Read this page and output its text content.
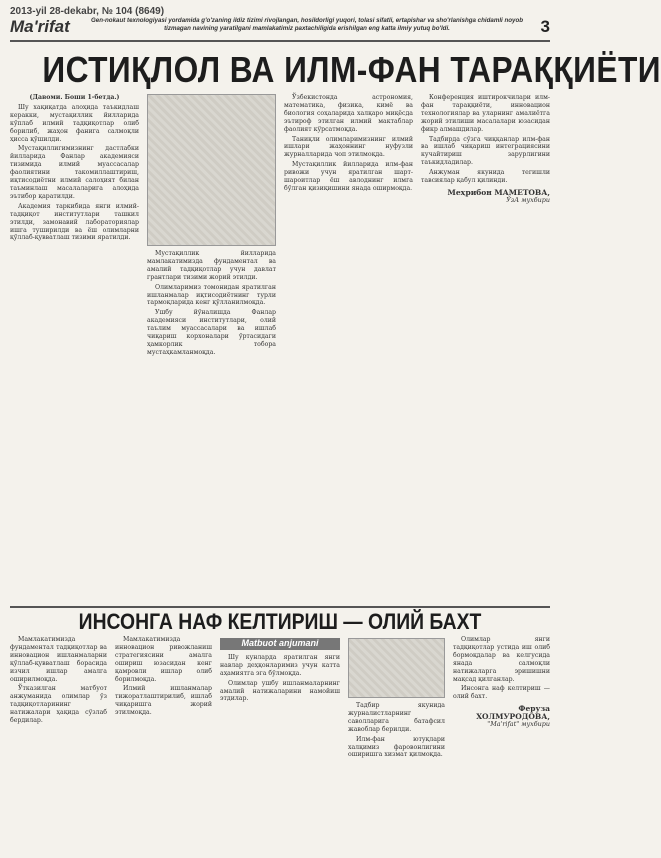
2013-yil 28-dekabr, № 104 (8649)
Ma'rifat	Gen-nokaut texnologiyasi yordamida g'o'zaning ildiz tizimi rivojlangan, hosildorligi yuqori, tolasi sifatli, ertapishar va sho'rlanishga chidamli noyob tizmagan navining yaratilgani mamlakatimiz paxtachiligida erishilgan eng katta ilmiy yutuq bo'ldi.	3
ИСТИҚЛОЛ ВА ИЛМ-ФАН ТАРАҚҚИЁТИ

(Давоми. Боши 1-бетда.)

Шу хақиқатда алоҳида таъкидлаш керакки, мустақиллик йилларида кўплаб илмий тадқиқотлар олиб борилиб, жаҳон фанига салмоқли ҳисса қўшилди.

Мустақиллигимизнинг дастлабки йилларида Фанлар академияси тизимида илмий муассасалар фаолиятини такомиллаштириш, иқтисодиётни илмий салоҳият билан таъминлаш масалаларига алоҳида эътибор қаратилди.

Академия таркибида янги илмий-тадқиқот институтлари ташкил этилди, замонавий лабораториялар ишга туширилди ва ёш олимларни қўллаб-қувватлаш тизими яратилди.

Мустақиллик йилларида мамлакатимизда фундаментал ва амалий тадқиқотлар учун давлат грантлари тизими жорий этилди.

Олимларимиз томонидан яратилган ишланмалар иқтисодиётнинг турли тармоқларида кенг қўлланилмоқда.

Ушбу йўналишда Фанлар академияси институтлари, олий таълим муассасалари ва ишлаб чиқариш корхоналари ўртасидаги ҳамкорлик тобора мустаҳкамланмоқда.

Ўзбекистонда астрономия, математика, физика, кимё ва биология соҳаларида халқаро миқёсда эътироф этилган илмий мактаблар фаолият кўрсатмоқда.

Таниқли олимларимизнинг илмий ишлари жаҳоннинг нуфузли журналларида чоп этилмоқда.

Мустақиллик йилларида илм-фан ривожи учун яратилган шарт-шароитлар ёш авлоднинг илмга бўлган қизиқишини янада оширмоқда.

Конференция иштирокчилари илм-фан тараққиёти, инновацион технологиялар ва уларнинг амалиётга жорий этилиши масалалари юзасидан фикр алмашдилар.

Тадбирда сўзга чиққанлар илм-фан ва ишлаб чиқариш интеграциясини кучайтириш зарурлигини таъкидладилар.

Анжуман якунида тегишли тавсиялар қабул қилинди.

Меҳрибон МАМЕТОВА,
ЎзА мухбири
ИНСОНГА НАФ КЕЛТИРИШ — ОЛИЙ БАХТ

Мамлакатимизда фундаментал тадқиқотлар ва инновацион ишланмаларни қўллаб-қувватлаш борасида изчил ишлар амалга оширилмоқда.

Ўтказилган матбуот анжуманида олимлар ўз тадқиқотларининг натижалари ҳақида сўзлаб бердилар.

Мамлакатимизда инновацион ривожланиш стратегиясини амалга ошириш юзасидан кенг қамровли ишлар олиб борилмоқда.

Илмий ишланмалар тижоратлаштирилиб, ишлаб чиқаришга жорий этилмоқда.

Matbuot anjumani

Шу кунларда яратилган янги навлар деҳқонларимиз учун катта аҳамиятга эга бўлмоқда.

Олимлар ушбу ишланмаларнинг амалий натижаларини намойиш этдилар.

Тадбир якунида журналистларнинг саволларига батафсил жавоблар берилди.

Илм-фан ютуқлари халқимиз фаровонлигини оширишга хизмат қилмоқда.

Олимлар янги тадқиқотлар устида иш олиб бормоқдалар ва келгусида янада салмоқли натижаларга эришишни мақсад қилганлар.

Инсонга наф келтириш — олий бахт.

Феруза ХОЛМУРОДОВА,
"Ma'rifat" мухбири
